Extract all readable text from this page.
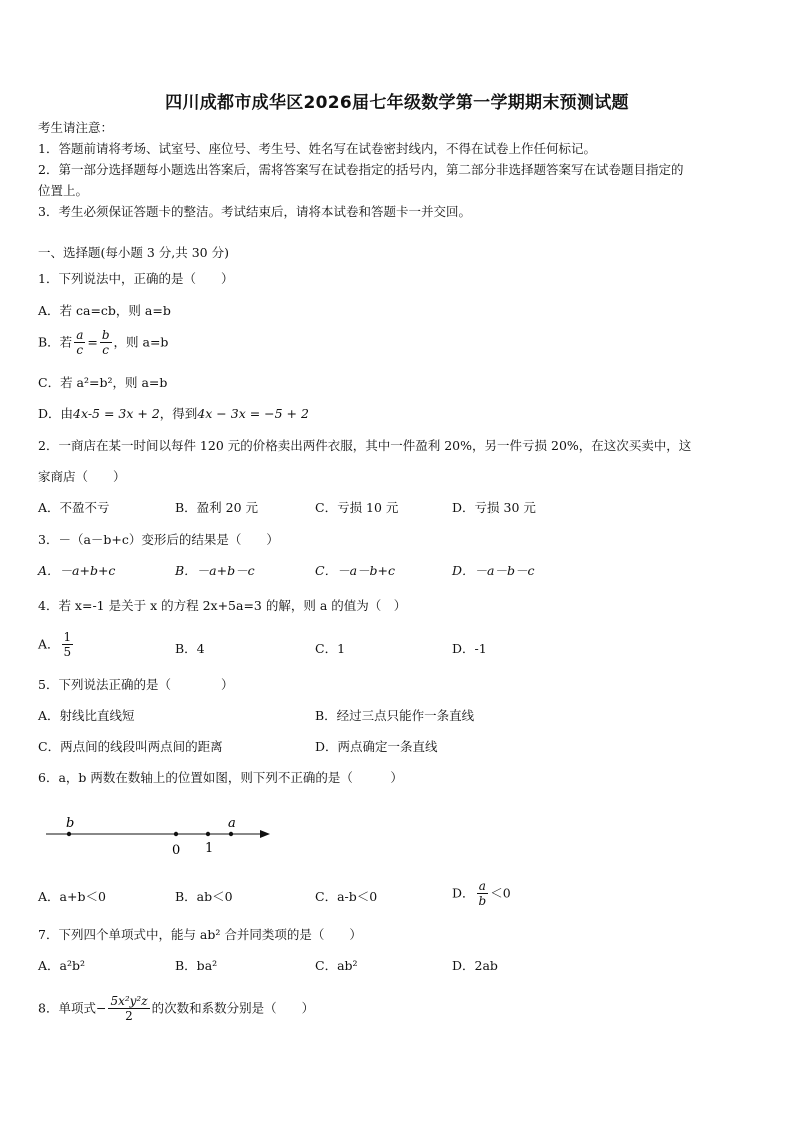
四川成都市成华区2026届七年级数学第一学期期末预测试题
考生请注意：
1．答题前请将考场、试室号、座位号、考生号、姓名写在试卷密封线内，不得在试卷上作任何标记。
2．第一部分选择题每小题选出答案后，需将答案写在试卷指定的括号内，第二部分非选择题答案写在试卷题目指定的
位置上。
3．考生必须保证答题卡的整洁。考试结束后，请将本试卷和答题卡一并交回。
一、选择题(每小题 3 分,共 30 分)
1．下列说法中，正确的是（　　）
A．若 ca=cb，则 a=b
B．若 $\frac{a}{c} = \frac{b}{c}$ ，则 a=b
C．若 a²=b²，则 a=b
D．由4x-5 = 3x + 2，得到4x − 3x = −5 + 2
2．一商店在某一时间以每件 120 元的价格卖出两件衣服，其中一件盈利 20%，另一件亏损 20%，在这次买卖中，这
家商店（　　）
A．不盈不亏	B．盈利 20 元	C．亏损 10 元	D．亏损 30 元
3．－（a－b+c）变形后的结果是（　　）
A．－a+b+c	B．－a+b－c	C．－a－b+c	D．－a－b－c
4．若 x=-1 是关于 x 的方程 2x+5a=3 的解，则 a 的值为（　）
A． $\frac{1}{5}$	B．4	C．1	D．-1
5．下列说法正确的是（　　　　）
A．射线比直线短	B．经过三点只能作一条直线
C．两点间的线段叫两点间的距离	D．两点确定一条直线
6．a，b 两数在数轴上的位置如图，则下列不正确的是（　　　）
b	a
0 1
A．a+b＜0	B．ab＜0	C．a-b＜0	D． $\frac{a}{b} <0$
7．下列四个单项式中，能与 ab² 合并同类项的是（　　）
A．a²b²	B．ba²	C．ab²	D．2ab
8．单项式− $\frac{\text{5x²y²z}}{2}$ 的次数和系数分别是（　　）
